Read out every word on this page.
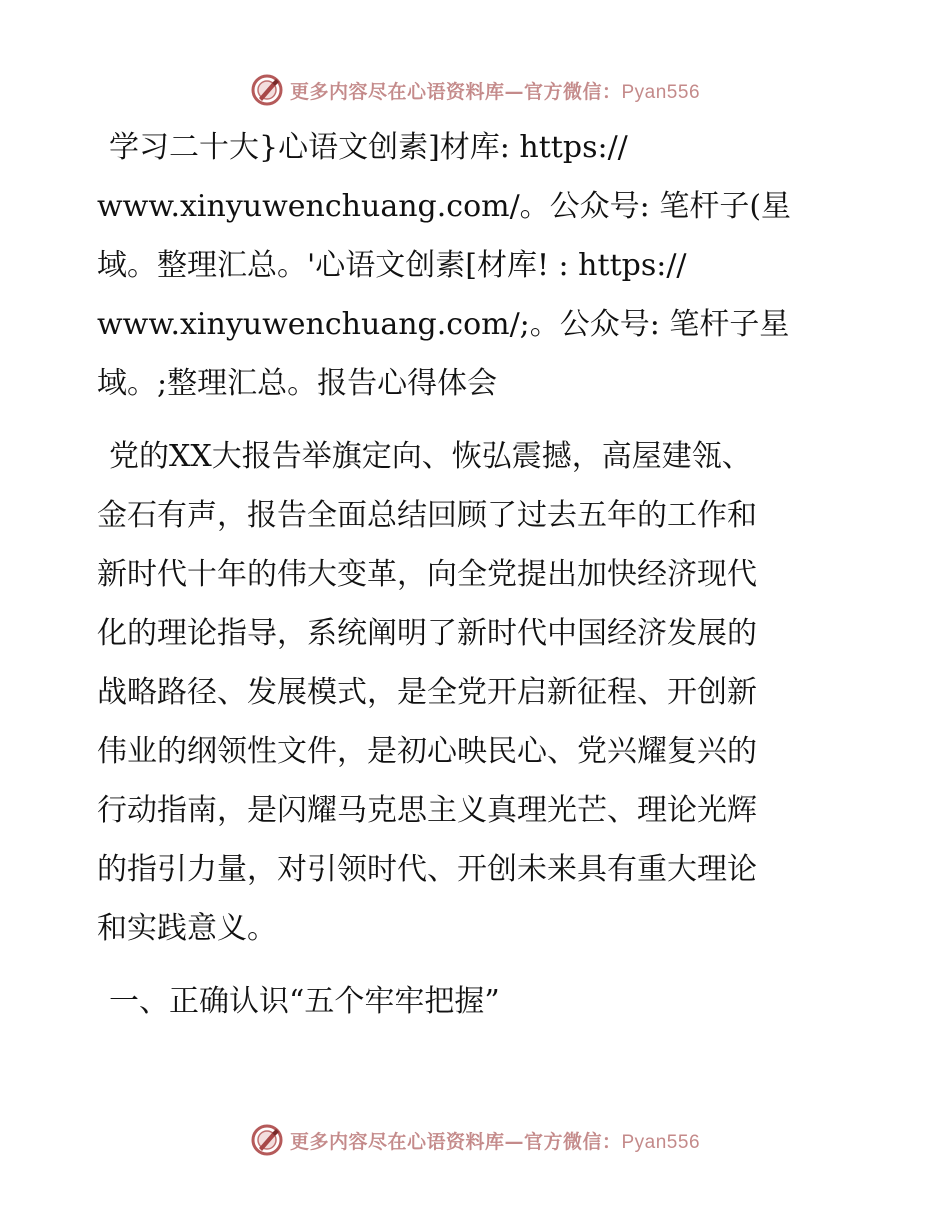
更多内容尽在心语资料库—官方微信：Pyan556

学习二十大}心语文创素]材库: https://
www.xinyuwenchuang.com/。公众号: 笔杆子(星
域。整理汇总。'心语文创素[材库! : https://
www.xinyuwenchuang.com/;。公众号: 笔杆子星
域。;整理汇总。报告心得体会

党的XX大报告举旗定向、恢弘震撼，高屋建瓴、
金石有声，报告全面总结回顾了过去五年的工作和
新时代十年的伟大变革，向全党提出加快经济现代
化的理论指导，系统阐明了新时代中国经济发展的
战略路径、发展模式，是全党开启新征程、开创新
伟业的纲领性文件，是初心映民心、党兴耀复兴的
行动指南，是闪耀马克思主义真理光芒、理论光辉
的指引力量，对引领时代、开创未来具有重大理论
和实践意义。

一、正确认识“五个牢牢把握”

更多内容尽在心语资料库—官方微信：Pyan556
